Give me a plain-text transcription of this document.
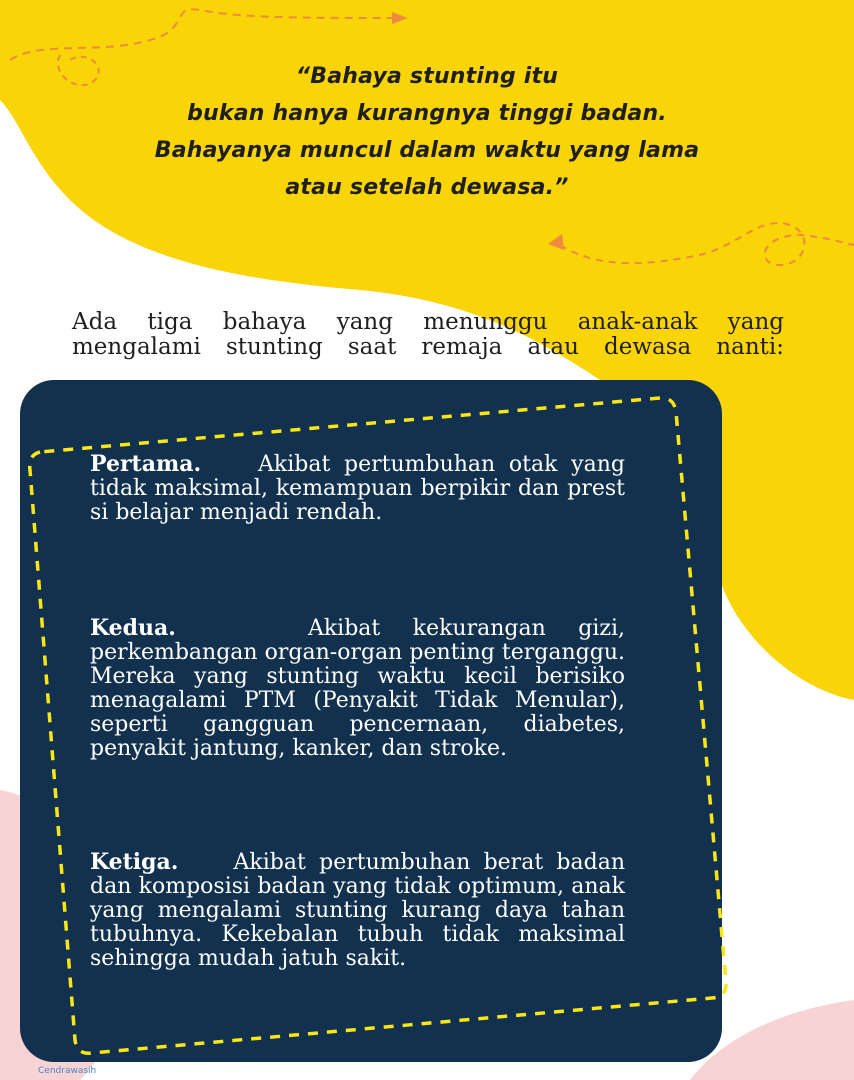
“Bahaya stunting itu
bukan hanya kurangnya tinggi badan.
Bahayanya muncul dalam waktu yang lama
atau setelah dewasa.”
Ada tiga bahaya yang menunggu anak-anak yang
mengalami stunting saat remaja atau dewasa nanti:
Pertama.    Akibat pertumbuhan otak yang tidak maksimal, kemampuan berpikir dan prest si belajar menjadi rendah.
Kedua.    Akibat kekurangan gizi, perkembangan organ-organ penting terganggu. Mereka yang stunting waktu kecil berisiko menagalami PTM (Penyakit Tidak Menular), seperti gangguan pencernaan, diabetes, penyakit jantung, kanker, dan stroke.
Ketiga.    Akibat pertumbuhan berat badan dan komposisi badan yang tidak optimum, anak yang mengalami stunting kurang daya tahan tubuhnya. Kekebalan tubuh tidak maksimal sehingga mudah jatuh sakit.
Cendrawasih
